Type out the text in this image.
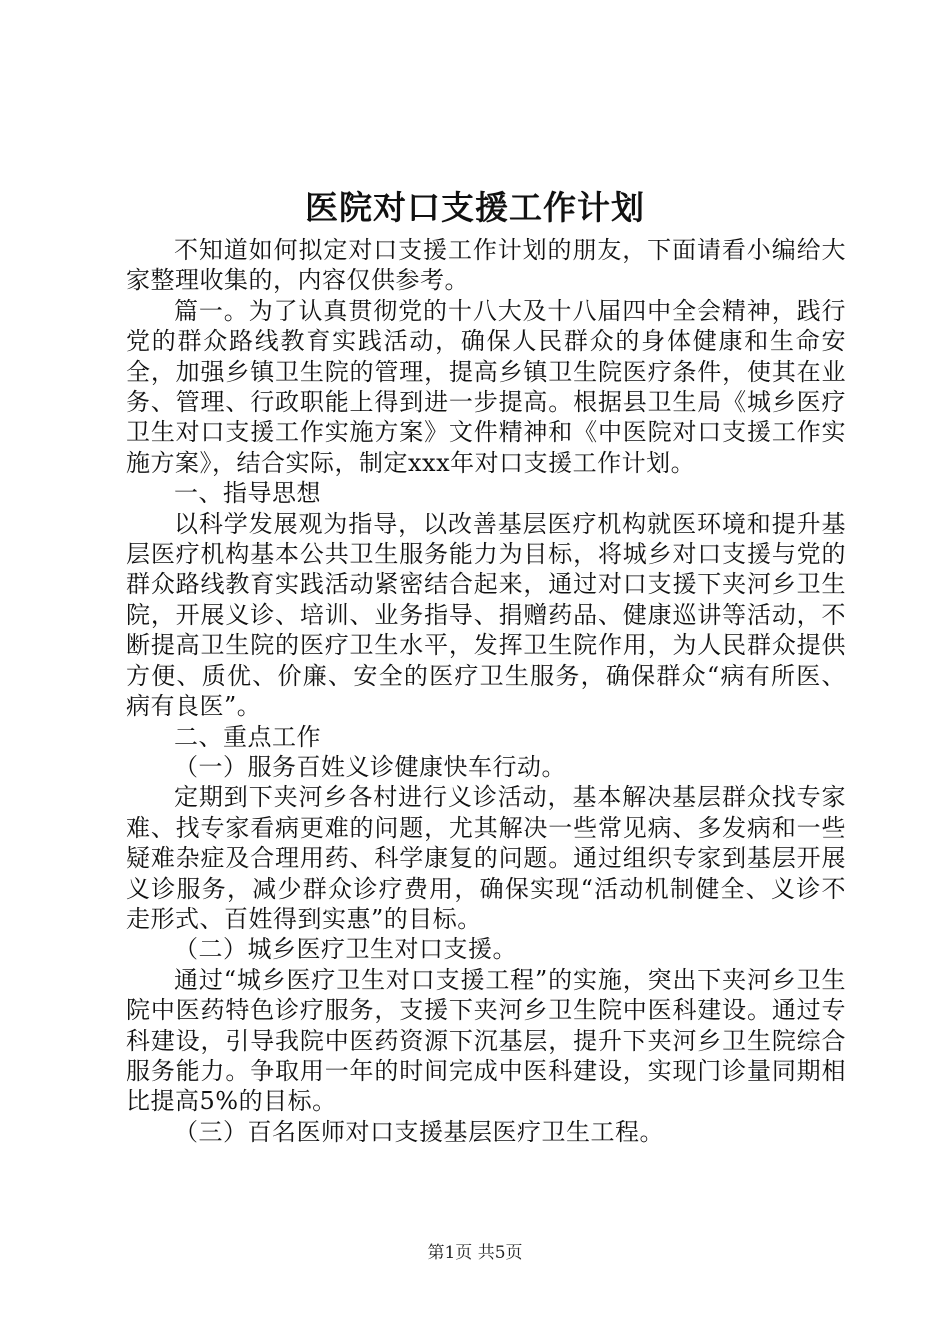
医院对口支援工作计划

不知道如何拟定对口支援工作计划的朋友，下面请看小编给大家整理收集的，内容仅供参考。

篇一。为了认真贯彻党的十八大及十八届四中全会精神，践行党的群众路线教育实践活动，确保人民群众的身体健康和生命安全，加强乡镇卫生院的管理，提高乡镇卫生院医疗条件，使其在业务、管理、行政职能上得到进一步提高。根据县卫生局《城乡医疗卫生对口支援工作实施方案》文件精神和《中医院对口支援工作实施方案》，结合实际，制定xxx年对口支援工作计划。

一、指导思想

以科学发展观为指导，以改善基层医疗机构就医环境和提升基层医疗机构基本公共卫生服务能力为目标，将城乡对口支援与党的群众路线教育实践活动紧密结合起来，通过对口支援下夹河乡卫生院，开展义诊、培训、业务指导、捐赠药品、健康巡讲等活动，不断提高卫生院的医疗卫生水平，发挥卫生院作用，为人民群众提供方便、质优、价廉、安全的医疗卫生服务，确保群众“病有所医、病有良医”。

二、重点工作

（一）服务百姓义诊健康快车行动。

定期到下夹河乡各村进行义诊活动，基本解决基层群众找专家难、找专家看病更难的问题，尤其解决一些常见病、多发病和一些疑难杂症及合理用药、科学康复的问题。通过组织专家到基层开展义诊服务，减少群众诊疗费用，确保实现“活动机制健全、义诊不走形式、百姓得到实惠”的目标。

（二）城乡医疗卫生对口支援。

通过“城乡医疗卫生对口支援工程”的实施，突出下夹河乡卫生院中医药特色诊疗服务，支援下夹河乡卫生院中医科建设。通过专科建设，引导我院中医药资源下沉基层，提升下夹河乡卫生院综合服务能力。争取用一年的时间完成中医科建设，实现门诊量同期相比提高5%的目标。

（三）百名医师对口支援基层医疗卫生工程。

第1页 共5页
